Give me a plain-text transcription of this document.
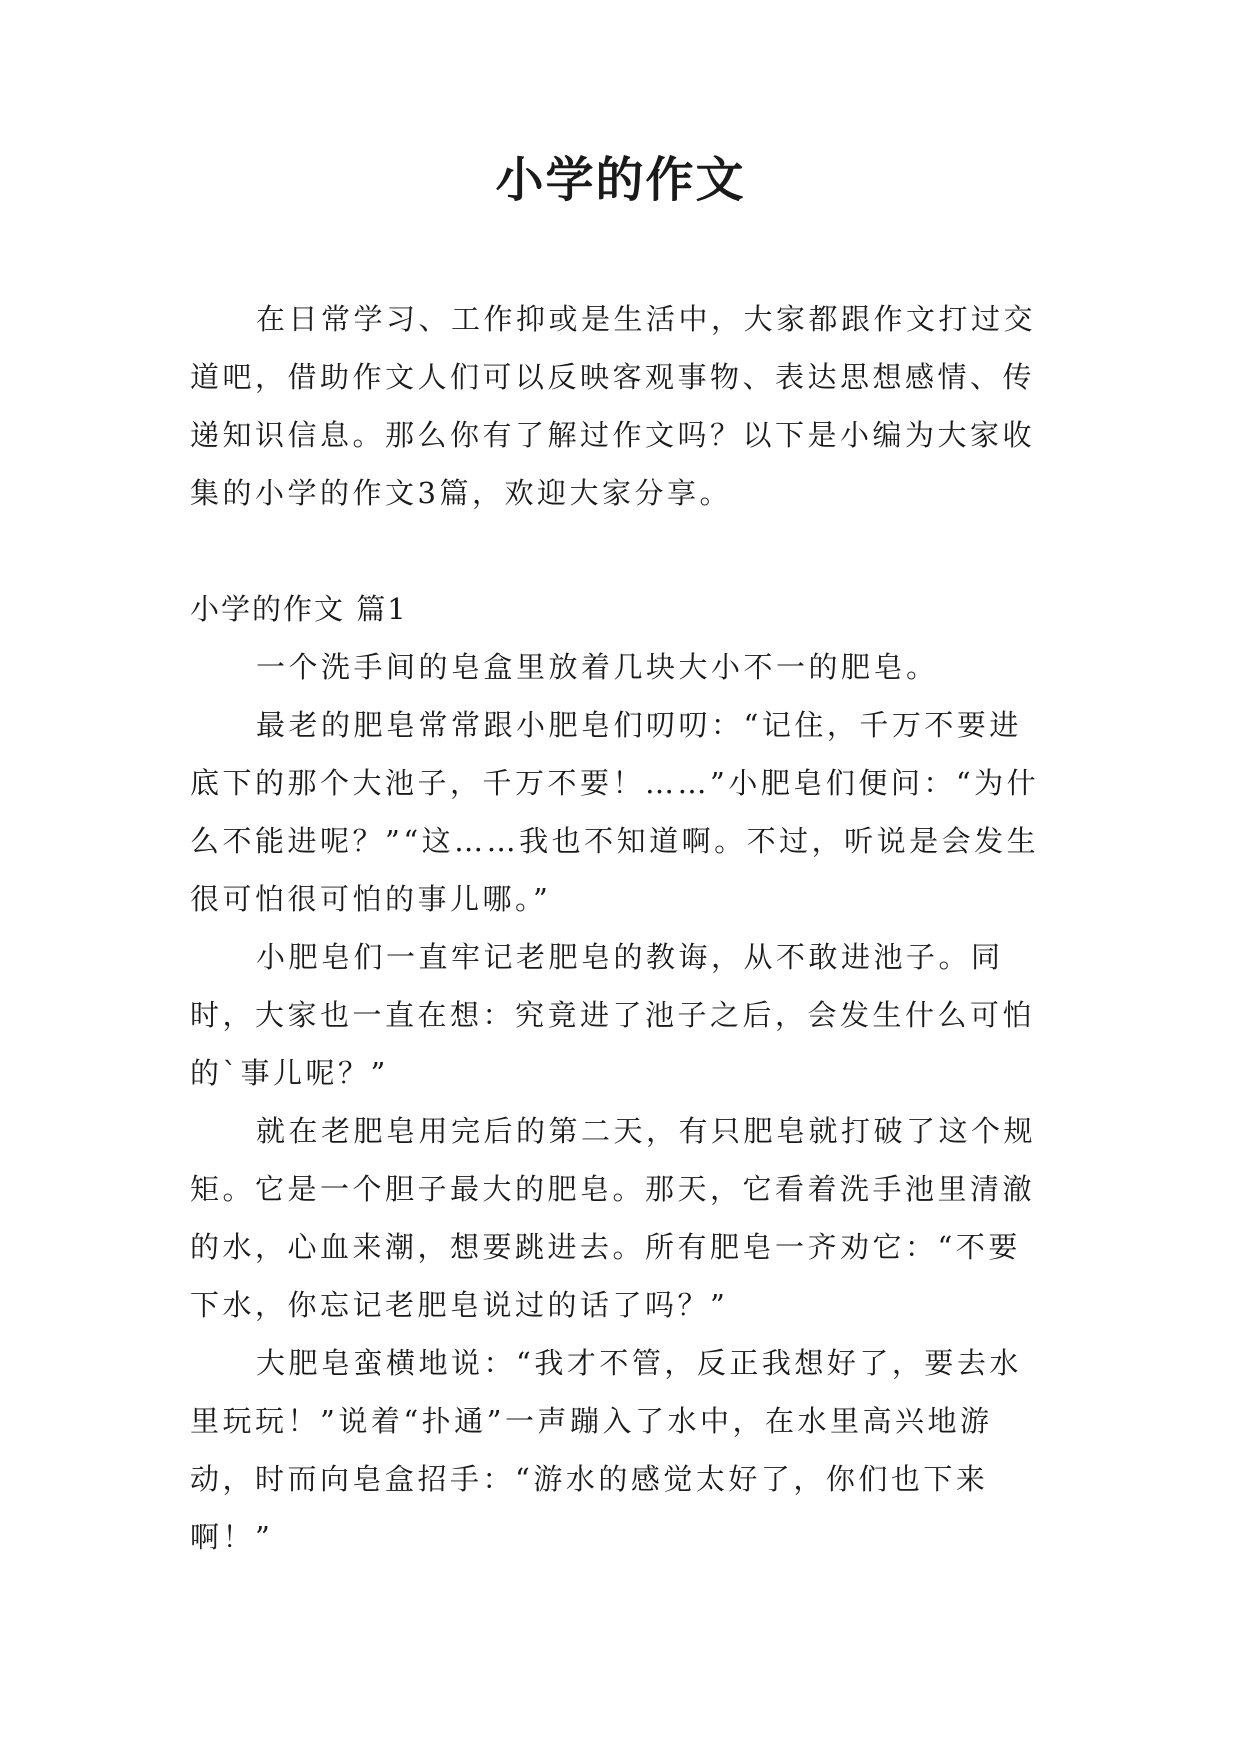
小学的作文

在日常学习、工作抑或是生活中，大家都跟作文打过交道吧，借助作文人们可以反映客观事物、表达思想感情、传递知识信息。那么你有了解过作文吗？以下是小编为大家收集的小学的作文3篇，欢迎大家分享。

小学的作文 篇1

一个洗手间的皂盒里放着几块大小不一的肥皂。

最老的肥皂常常跟小肥皂们叨叨：“记住，千万不要进底下的那个大池子，千万不要！……”小肥皂们便问：“为什么不能进呢？”“这……我也不知道啊。不过，听说是会发生很可怕很可怕的事儿哪。”

小肥皂们一直牢记老肥皂的教诲，从不敢进池子。同时，大家也一直在想：究竟进了池子之后，会发生什么可怕的`事儿呢？”

就在老肥皂用完后的第二天，有只肥皂就打破了这个规矩。它是一个胆子最大的肥皂。那天，它看着洗手池里清澈的水，心血来潮，想要跳进去。所有肥皂一齐劝它：“不要下水，你忘记老肥皂说过的话了吗？”

大肥皂蛮横地说：“我才不管，反正我想好了，要去水里玩玩！”说着“扑通”一声蹦入了水中，在水里高兴地游动，时而向皂盒招手：“游水的感觉太好了，你们也下来啊！”
